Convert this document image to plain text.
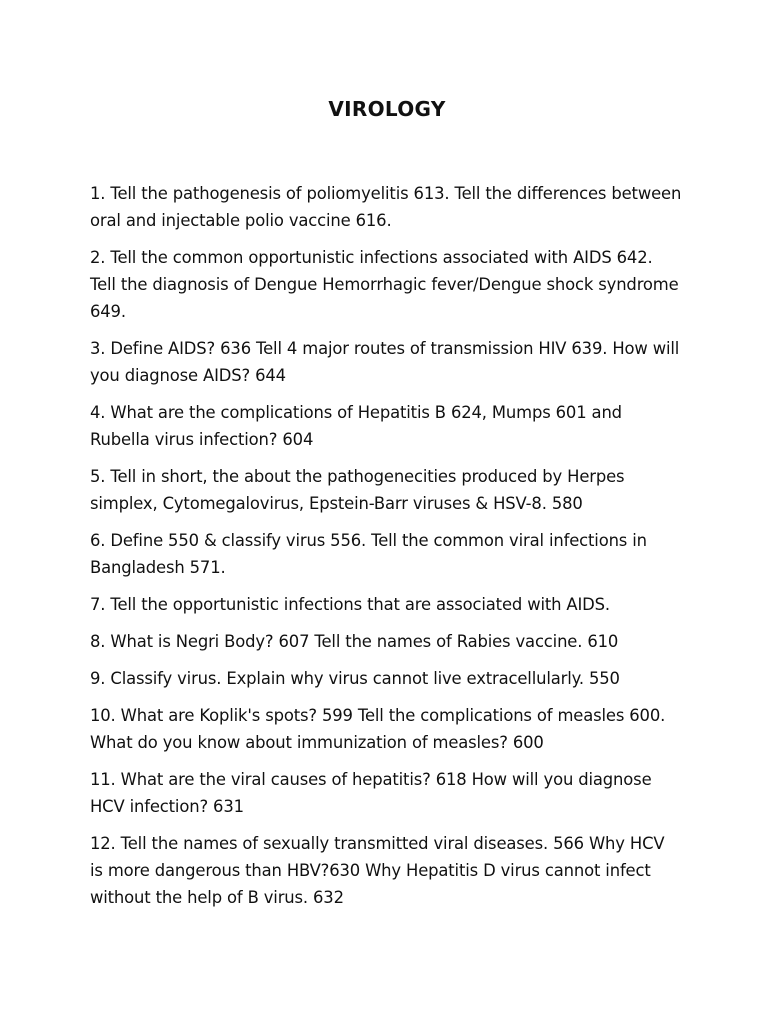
VIROLOGY
1. Tell the pathogenesis of poliomyelitis 613. Tell the differences between oral and injectable polio vaccine 616.
2. Tell the common opportunistic infections associated with AIDS 642. Tell the diagnosis of Dengue Hemorrhagic fever/Dengue shock syndrome 649.
3. Define AIDS? 636 Tell 4 major routes of transmission HIV 639. How will you diagnose AIDS? 644
4. What are the complications of Hepatitis B 624, Mumps 601 and Rubella virus infection? 604
5. Tell in short, the about the pathogenecities produced by Herpes simplex, Cytomegalovirus, Epstein-Barr viruses & HSV-8. 580
6. Define 550 & classify virus 556. Tell the common viral infections in Bangladesh 571.
7. Tell the opportunistic infections that are associated with AIDS.
8. What is Negri Body? 607 Tell the names of Rabies vaccine. 610
9. Classify virus. Explain why virus cannot live extracellularly. 550
10. What are Koplik's spots? 599 Tell the complications of measles 600. What do you know about immunization of measles? 600
11. What are the viral causes of hepatitis? 618 How will you diagnose HCV infection? 631
12. Tell the names of sexually transmitted viral diseases. 566 Why HCV is more dangerous than HBV?630 Why Hepatitis D virus cannot infect without the help of B virus. 632
